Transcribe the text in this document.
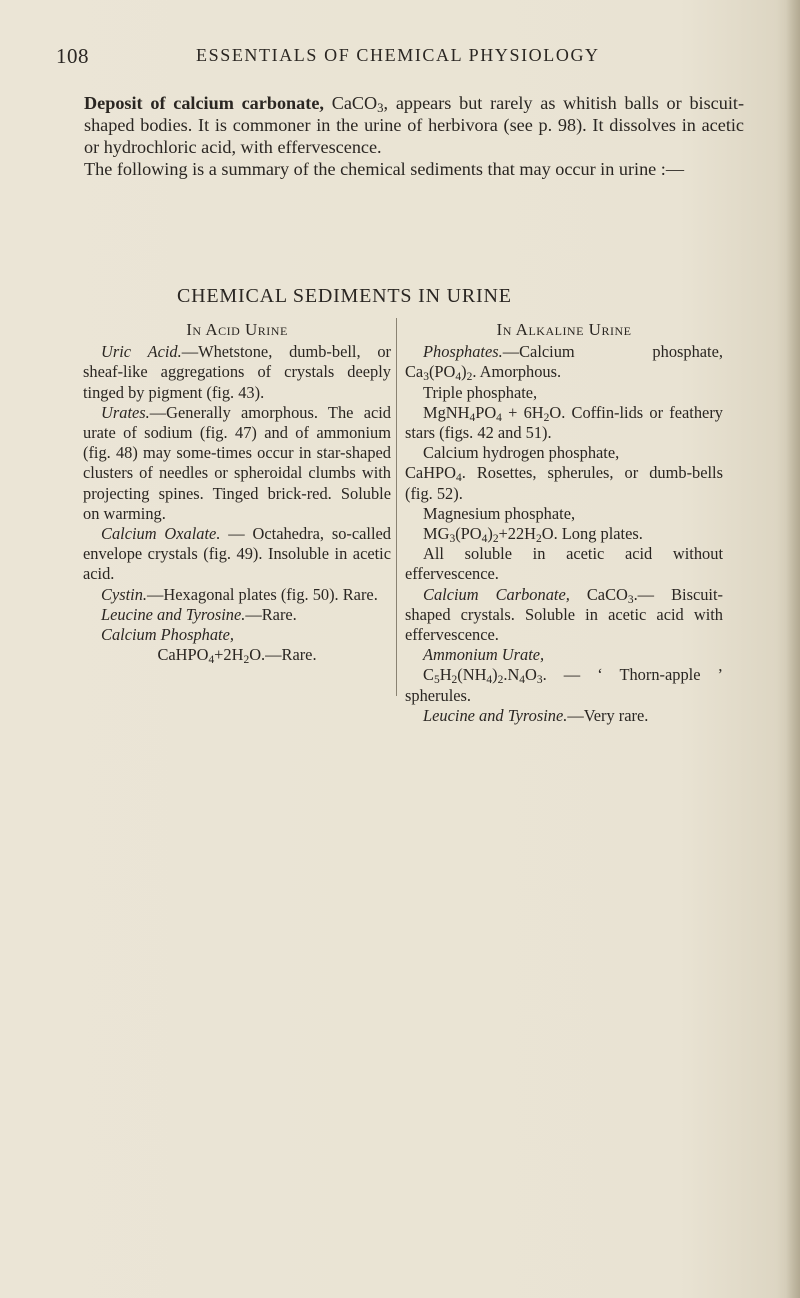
108	ESSENTIALS OF CHEMICAL PHYSIOLOGY

Deposit of calcium carbonate, CaCO$_3$, appears but rarely as whitish balls or biscuit-shaped bodies. It is commoner in the urine of herbivora (see p. 98). It dissolves in acetic or hydrochloric acid, with effervescence.

The following is a summary of the chemical sediments that may occur in urine :—

CHEMICAL SEDIMENTS IN URINE
In Acid Urine

Uric Acid.—Whetstone, dumb-bell, or sheaf-like aggregations of crystals deeply tinged by pigment (fig. 43).

Urates.—Generally amorphous. The acid urate of sodium (fig. 47) and of ammonium (fig. 48) may some-times occur in star-shaped clusters of needles or spheroidal clumbs with projecting spines. Tinged brick-red. Soluble on warming.

Calcium Oxalate. — Octahedra, so-called envelope crystals (fig. 49). Insoluble in acetic acid.

Cystin.—Hexagonal plates (fig. 50). Rare.

Leucine and Tyrosine.—Rare.

Calcium Phosphate,

$CaHPO_4+2H_2O.—Rare$.

In Alkaline Urine

Phosphates.—Calcium phosphate, $Ca_3(PO_4)_2$. Amorphous.

Triple phosphate,

$MgNH_4PO_4 + 6H_2O$. Coffin-lids or feathery stars (figs. 42 and 51).

Calcium hydrogen phosphate,

CaHPO$_4$. Rosettes, spherules, or dumb-bells (fig. 52).

Magnesium phosphate,

$MG_3(PO_4)_2+22H_2O$. Long plates.

All soluble in acetic acid without effervescence.

Calcium Carbonate, CaCO$_3$.— Biscuit-shaped crystals. Soluble in acetic acid with effervescence.

Ammonium Urate,

$C_5H_2(NH_4)_2.N_4O_3$. — ‘ Thorn-apple ’ spherules.

Leucine and Tyrosine.—Very rare.
